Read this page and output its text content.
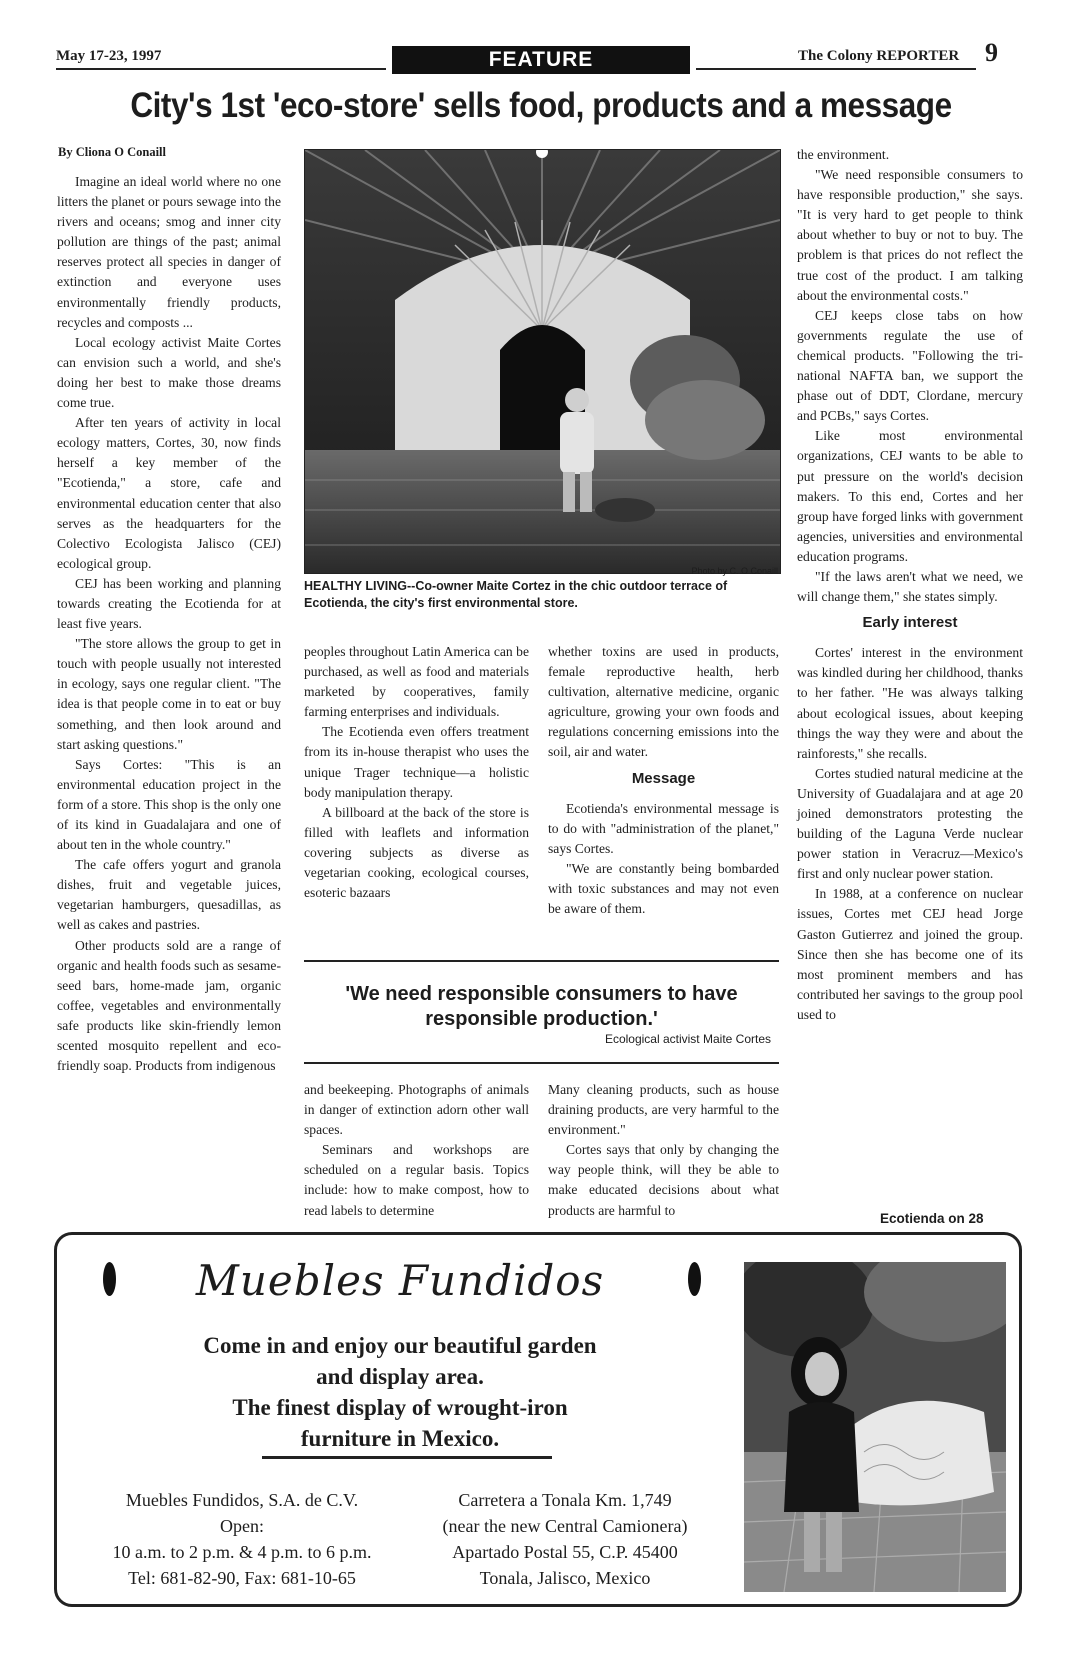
May 17-23, 1997	FEATURE	The Colony REPORTER 9
City's 1st 'eco-store' sells food, products and a message
By Cliona O Conaill

Imagine an ideal world where no one litters the planet or pours sewage into the rivers and oceans; smog and inner city pollution are things of the past; animal reserves protect all species in danger of extinction and everyone uses environmentally friendly products, recycles and composts ...

Local ecology activist Maite Cortes can envision such a world, and she's doing her best to make those dreams come true.

After ten years of activity in local ecology matters, Cortes, 30, now finds herself a key member of the "Ecotienda," a store, cafe and environmental education center that also serves as the headquarters for the Colectivo Ecologista Jalisco (CEJ) ecological group.

CEJ has been working and planning towards creating the Ecotienda for at least five years.

"The store allows the group to get in touch with people usually not interested in ecology, says one regular client. "The idea is that people come in to eat or buy something, and then look around and start asking questions."

Says Cortes: "This is an environmental education project in the form of a store. This shop is the only one of its kind in Guadalajara and one of about ten in the whole country."

The cafe offers yogurt and granola dishes, fruit and vegetable juices, vegetarian hamburgers, quesadillas, as well as cakes and pastries.

Other products sold are a range of organic and health foods such as sesame-seed bars, home-made jam, organic coffee, vegetables and environmentally safe products like skin-friendly lemon scented mosquito repellent and eco-friendly soap. Products from indigenous

Photo by C. O Conaill
HEALTHY LIVING--Co-owner Maite Cortez in the chic outdoor terrace of Ecotienda, the city's first environmental store.

peoples throughout Latin America can be purchased, as well as food and materials marketed by cooperatives, family farming enterprises and individuals.

The Ecotienda even offers treatment from its in-house therapist who uses the unique Trager technique—a holistic body manipulation therapy.

A billboard at the back of the store is filled with leaflets and information covering subjects as diverse as vegetarian cooking, ecological courses, esoteric bazaars

whether toxins are used in products, female reproductive health, herb cultivation, alternative medicine, organic agriculture, growing your own foods and regulations concerning emissions into the soil, air and water.

Message

Ecotienda's environmental message is to do with "administration of the planet," says Cortes.

"We are constantly being bombarded with toxic substances and may not even be aware of them.

'We need responsible consumers to have responsible production.'
Ecological activist Maite Cortes

and beekeeping. Photographs of animals in danger of extinction adorn other wall spaces.

Seminars and workshops are scheduled on a regular basis. Topics include: how to make compost, how to read labels to determine

Many cleaning products, such as house draining products, are very harmful to the environment."

Cortes says that only by changing the way people think, will they be able to make educated decisions about what products are harmful to

the environment.

"We need responsible consumers to have responsible production," she says. "It is very hard to get people to think about whether to buy or not to buy. The problem is that prices do not reflect the true cost of the product. I am talking about the environmental costs."

CEJ keeps close tabs on how governments regulate the use of chemical products. "Following the tri-national NAFTA ban, we support the phase out of DDT, Clordane, mercury and PCBs," says Cortes.

Like most environmental organizations, CEJ wants to be able to put pressure on the world's decision makers. To this end, Cortes and her group have forged links with government agencies, universities and environmental education programs.

"If the laws aren't what we need, we will change them," she states simply.

Early interest

Cortes' interest in the environment was kindled during her childhood, thanks to her father. "He was always talking about ecological issues, about keeping things the way they were and about the rainforests," she recalls.

Cortes studied natural medicine at the University of Guadalajara and at age 20 joined demonstrators protesting the building of the Laguna Verde nuclear power station in Veracruz—Mexico's first and only nuclear power station.

In 1988, at a conference on nuclear issues, Cortes met CEJ head Jorge Gaston Gutierrez and joined the group. Since then she has become one of its most prominent members and has contributed her savings to the group pool used to

Ecotienda on 28
Muebles Fundidos
Come in and enjoy our beautiful garden
and display area.
The finest display of wrought-iron
furniture in Mexico.
Muebles Fundidos, S.A. de C.V.
Open:
10 a.m. to 2 p.m. & 4 p.m. to 6 p.m.
Tel: 681-82-90, Fax: 681-10-65
Carretera a Tonala Km. 1,749
(near the new Central Camionera)
Apartado Postal 55, C.P. 45400
Tonala, Jalisco, Mexico
